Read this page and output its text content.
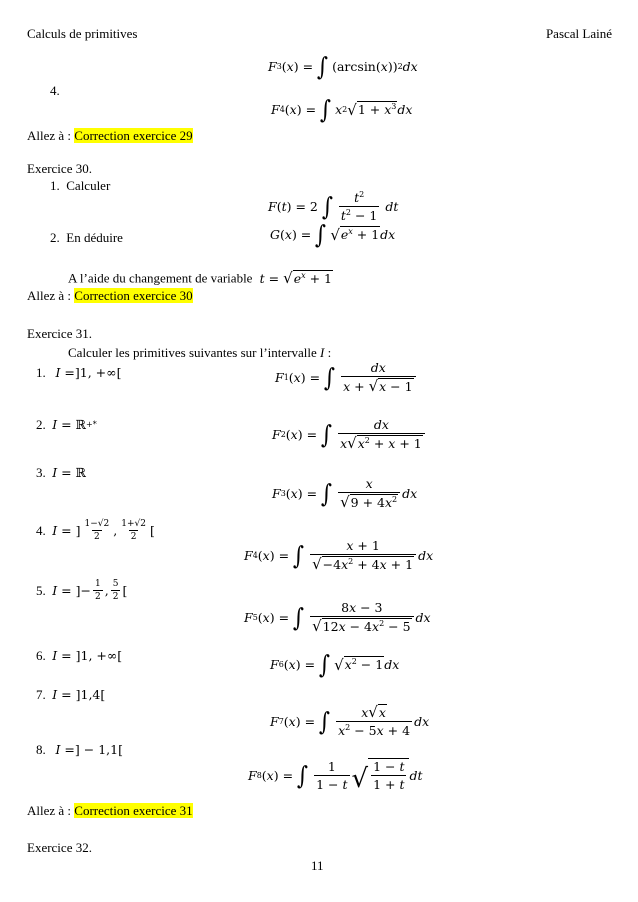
Calculs de primitives	Pascal Lainé
F 3 ( x ) = ∫ (arcsin( x )) 2 dx
4.
F 4 ( x ) = ∫ x 2 √ $1 + x^3$ dx
Allez à : Correction exercice 29
Exercice 30.
1. Calculer
F ( t ) = 2 ∫ $\frac{t^2}{t^2 - 1}$
dt
2. En déduire	G ( x ) = ∫ √ $e^x + 1$ dx
A l’aide du changement de variable t = √ $e^x + 1$
Allez à : Correction exercice 30
Exercice 31.
Calculer les primitives suivantes sur l’intervalle I :
1. I =]1, +∞[	F 1 ( x ) = ∫ $\frac{dx}{x + √ x - 1}$
2. I = ℝ +*
F 2 ( x ) = ∫ $\frac{dx}{x √ x^2 + x + 1}$
3. I = ℝ
F 3 ( x ) = ∫ $\frac{x}{√ 9 + 4x^2}$ dx
4. I = ] $\frac{1-√2}{2}$ , $\frac{1+√2}{2}$ [
F 4 ( x ) = ∫ $\frac{x + 1}{√ -4x^2 + 4x + 1}$ dx
5. I = ]− $\frac{1}{2}$ , $\frac{5}{2}$ [
F 5 ( x ) = ∫ $\frac{8x - 3}{√ 12x - 4x^2 - 5}$ dx
6. I = ]1, +∞[
F 6 ( x ) = ∫ √ $x^2 - 1$ dx
7. I = ]1,4[
F 7 ( x ) = ∫ $\frac{x √ x}{x^2 - 5x + 4}$ dx
8. I =] − 1,1[
F 8 ( x ) = ∫ $\frac{1}{1 - t}$ √ $\frac{1 - t}{1 + t}$ dt
Allez à : Correction exercice 31
Exercice 32.
11
